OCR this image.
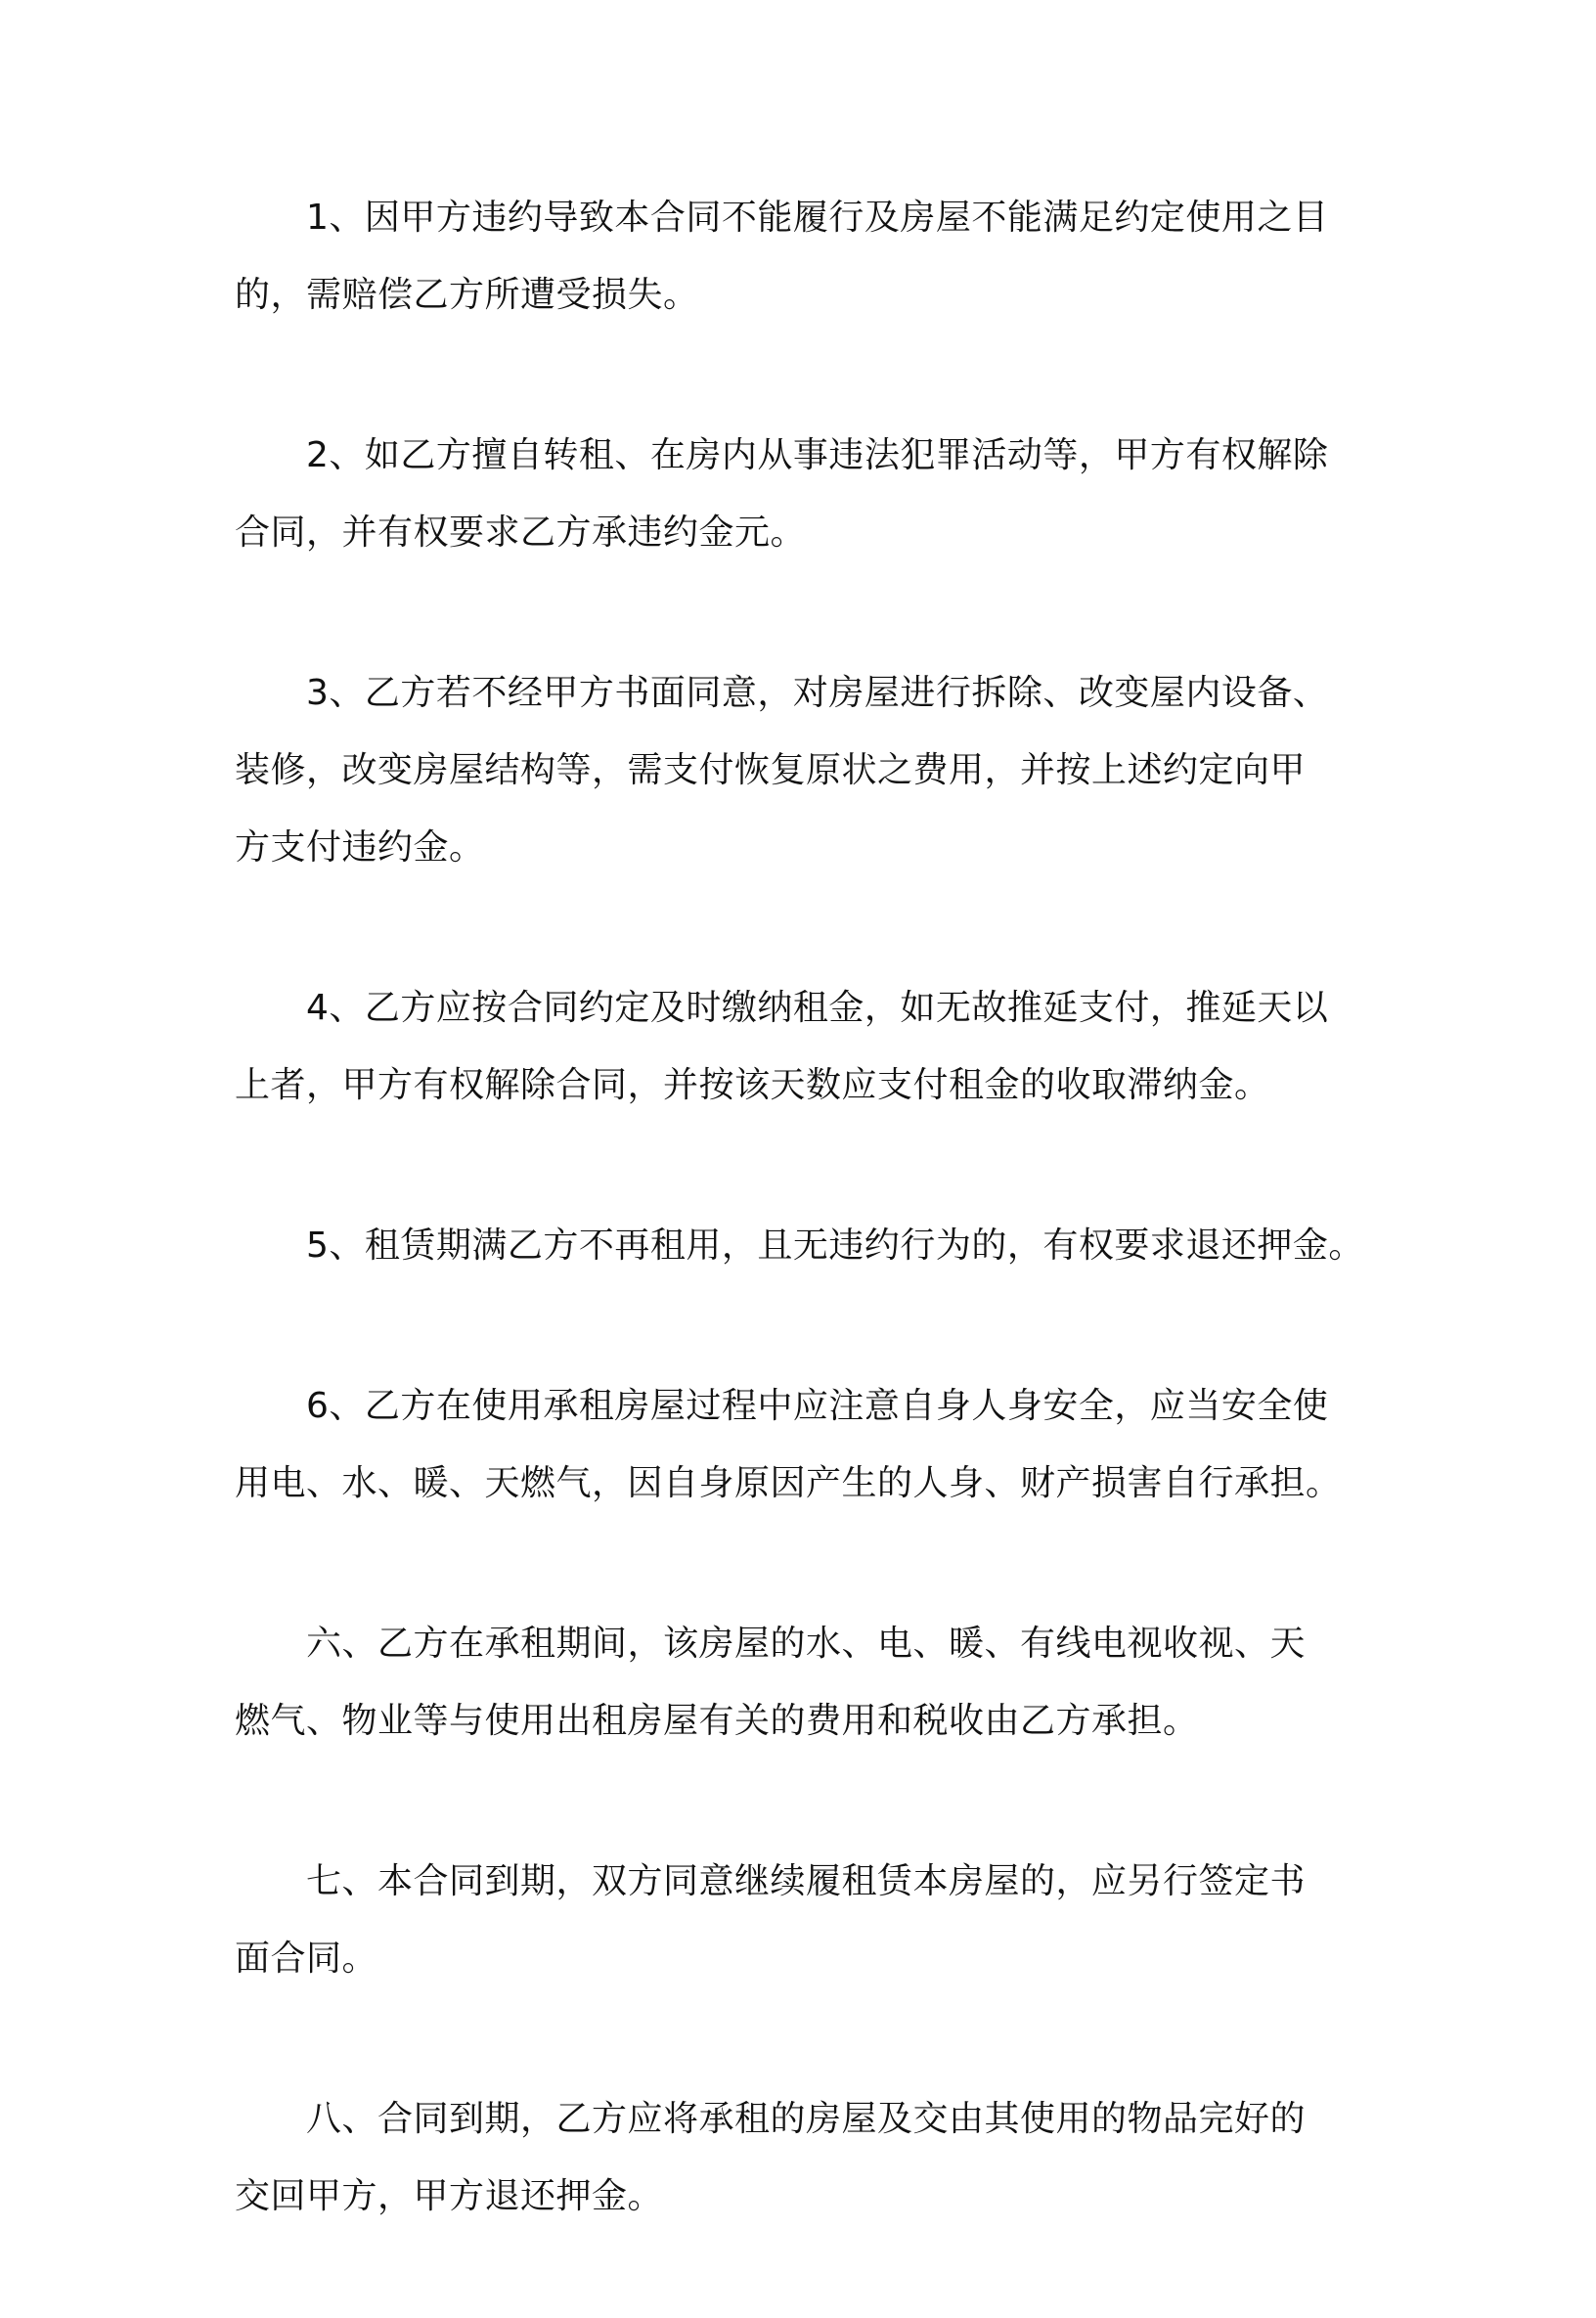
1、因甲方违约导致本合同不能履行及房屋不能满足约定使用之目
的，需赔偿乙方所遭受损失。
2、如乙方擅自转租、在房内从事违法犯罪活动等，甲方有权解除
合同，并有权要求乙方承违约金元。
3、乙方若不经甲方书面同意，对房屋进行拆除、改变屋内设备、
装修，改变房屋结构等，需支付恢复原状之费用，并按上述约定向甲
方支付违约金。
4、乙方应按合同约定及时缴纳租金，如无故推延支付，推延天以
上者，甲方有权解除合同，并按该天数应支付租金的收取滞纳金。
5、租赁期满乙方不再租用，且无违约行为的，有权要求退还押金。
6、乙方在使用承租房屋过程中应注意自身人身安全，应当安全使
用电、水、暖、天燃气，因自身原因产生的人身、财产损害自行承担。
六、乙方在承租期间，该房屋的水、电、暖、有线电视收视、天
燃气、物业等与使用出租房屋有关的费用和税收由乙方承担。
七、本合同到期，双方同意继续履租赁本房屋的，应另行签定书
面合同。
八、合同到期，乙方应将承租的房屋及交由其使用的物品完好的
交回甲方，甲方退还押金。
